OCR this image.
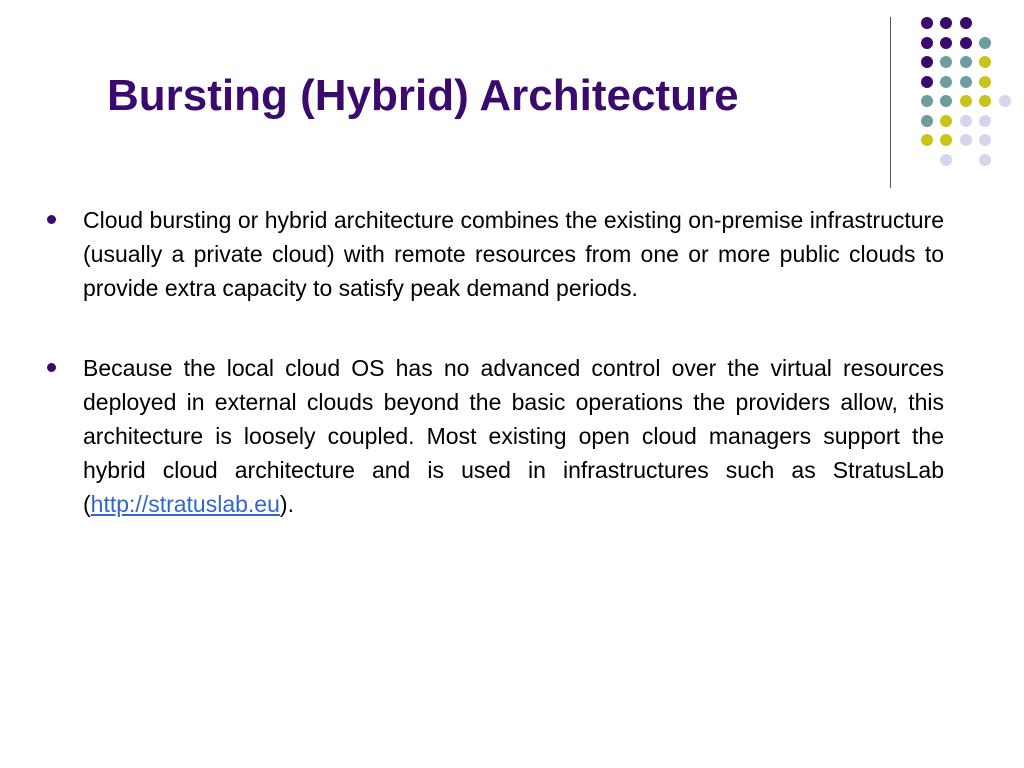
Bursting (Hybrid) Architecture
Cloud bursting or hybrid architecture combines the existing on-premise infrastructure (usually a private cloud) with remote resources from one or more public clouds to provide extra capacity to satisfy peak demand periods.
Because the local cloud OS has no advanced control over the virtual resources deployed in external clouds beyond the basic operations the providers allow, this architecture is loosely coupled. Most existing open cloud managers support the hybrid cloud architecture and is used in infrastructures such as StratusLab (http://stratuslab.eu).
